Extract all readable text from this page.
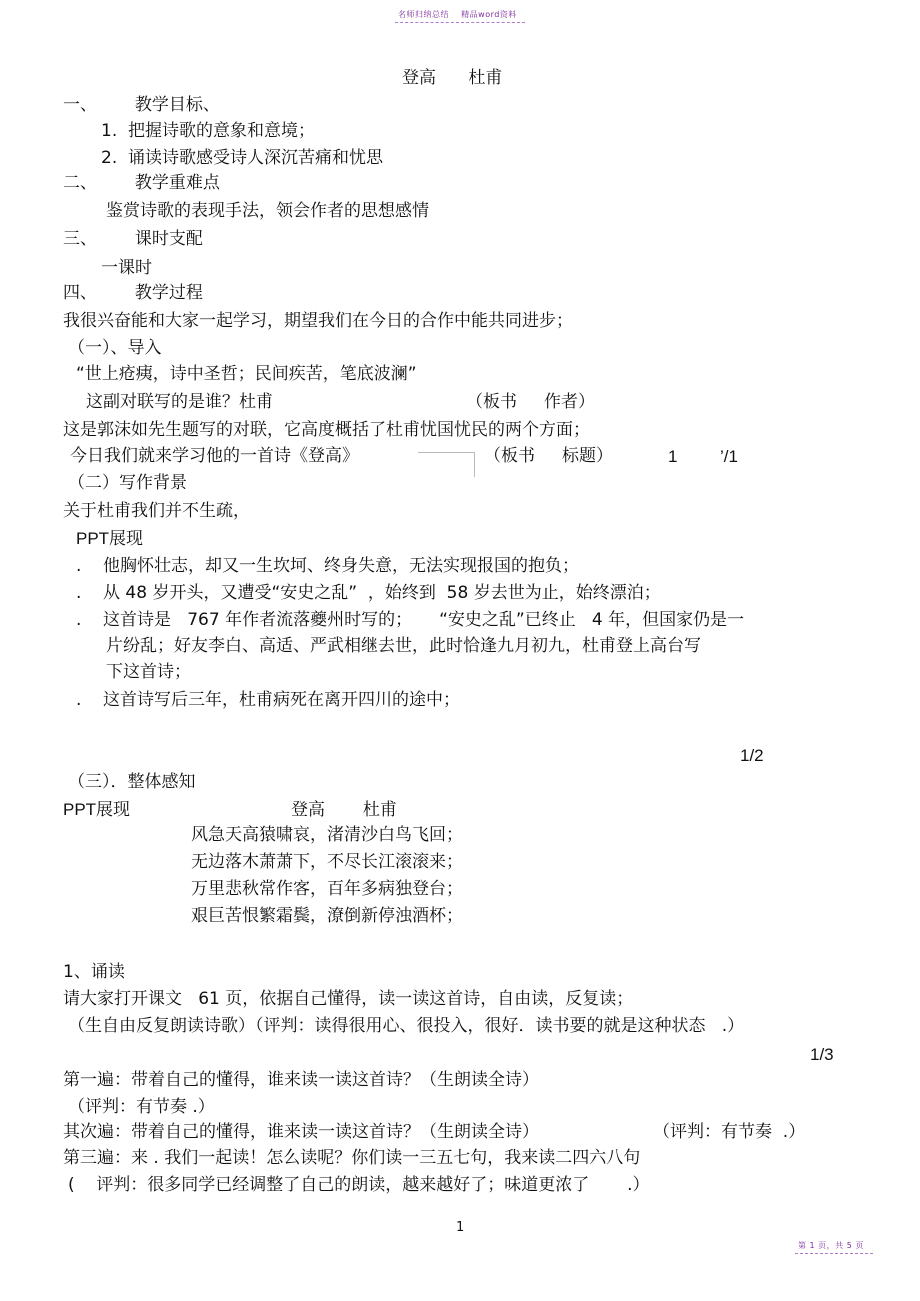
名师归纳总结    精品word资料
登高      杜甫
一、       教学目标、
1.  把握诗歌的意象和意境；
2.  诵读诗歌感受诗人深沉苦痛和忧思
二、       教学重难点
鉴赏诗歌的表现手法，领会作者的思想感情
三、       课时支配
一课时
四、       教学过程
我很兴奋能和大家一起学习，期望我们在今日的合作中能共同进步；
（一）、导入
“世上疮痍，诗中圣哲；民间疾苦，笔底波澜”
这副对联写的是谁？杜甫	（板书     作者）
这是郭沫如先生题写的对联，它高度概括了杜甫忧国忧民的两个方面；
今日我们就来学习他的一首诗《登高》	（板书     标题）	1	’/1
（二）写作背景
关于杜甫我们并不生疏，
PPT展现
.    他胸怀壮志，却又一生坎坷、终身失意，无法实现报国的抱负；
.    从 48 岁开头，又遭受“安史之乱”  ，始终到  58 岁去世为止，始终漂泊；
.    这首诗是   767 年作者流落夔州时写的；     “安史之乱”已终止   4 年，但国家仍是一
片纷乱；好友李白、高适、严武相继去世，此时恰逢九月初九，杜甫登上高台写
下这首诗；
.    这首诗写后三年，杜甫病死在离开四川的途中；
1/2
（三）．整体感知
PPT展现	登高       杜甫
风急天高猿啸哀，渚清沙白鸟飞回；
无边落木萧萧下，不尽长江滚滚来；
万里悲秋常作客，百年多病独登台；
艰巨苦恨繁霜鬓，潦倒新停浊酒杯；
1、诵读
请大家打开课文   61 页，依据自己懂得，读一读这首诗，自由读，反复读；
（生自由反复朗读诗歌）（评判：读得很用心、很投入，很好．读书要的就是这种状态   .）
1/3
第一遍：带着自己的懂得，谁来读一读这首诗？（生朗读全诗）
（评判：有节奏 .）
其次遍：带着自己的懂得，谁来读一读这首诗？（生朗读全诗）	（评判：有节奏  .）
第三遍：来 . 我们一起读！怎么读呢？你们读一三五七句，我来读二四六八句
(    评判：很多同学已经调整了自己的朗读，越来越好了；味道更浓了       .）
1
第 1 页，共 5 页
